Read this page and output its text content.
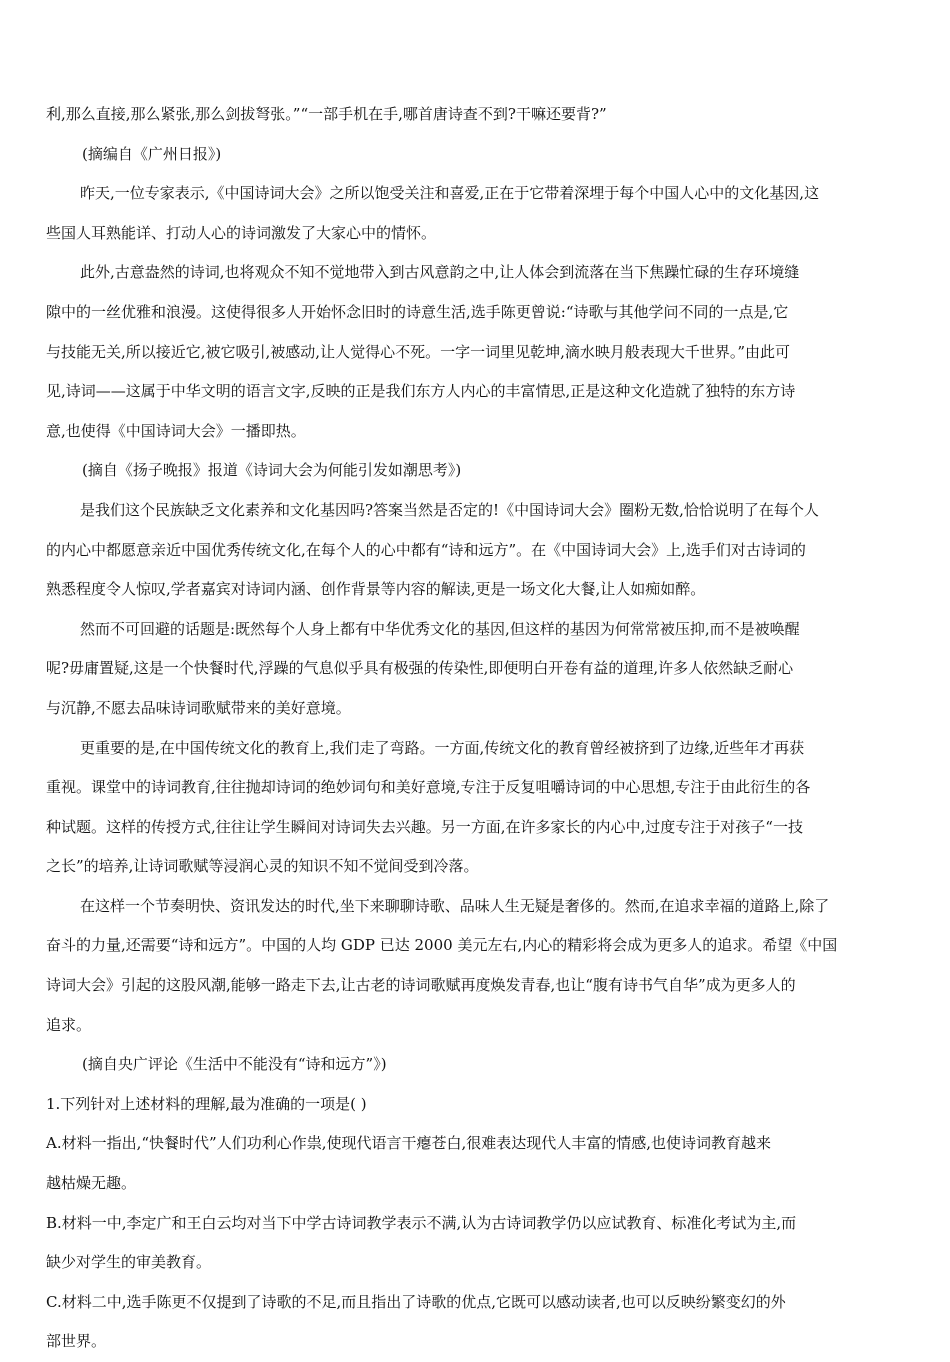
利,那么直接,那么紧张,那么剑拔弩张。”“一部手机在手,哪首唐诗查不到?干嘛还要背?”
(摘编自《广州日报》)
昨天,一位专家表示,《中国诗词大会》之所以饱受关注和喜爱,正在于它带着深埋于每个中国人心中的文化基因,这
些国人耳熟能详、打动人心的诗词激发了大家心中的情怀。
此外,古意盎然的诗词,也将观众不知不觉地带入到古风意韵之中,让人体会到流落在当下焦躁忙碌的生存环境缝
隙中的一丝优雅和浪漫。这使得很多人开始怀念旧时的诗意生活,选手陈更曾说:“诗歌与其他学问不同的一点是,它
与技能无关,所以接近它,被它吸引,被感动,让人觉得心不死。一字一词里见乾坤,滴水映月般表现大千世界。”由此可
见,诗词——这属于中华文明的语言文字,反映的正是我们东方人内心的丰富情思,正是这种文化造就了独特的东方诗
意,也使得《中国诗词大会》一播即热。
(摘自《扬子晚报》报道《诗词大会为何能引发如潮思考》)
是我们这个民族缺乏文化素养和文化基因吗?答案当然是否定的!《中国诗词大会》圈粉无数,恰恰说明了在每个人
的内心中都愿意亲近中国优秀传统文化,在每个人的心中都有“诗和远方”。在《中国诗词大会》上,选手们对古诗词的
熟悉程度令人惊叹,学者嘉宾对诗词内涵、创作背景等内容的解读,更是一场文化大餐,让人如痴如醉。
然而不可回避的话题是:既然每个人身上都有中华优秀文化的基因,但这样的基因为何常常被压抑,而不是被唤醒
呢?毋庸置疑,这是一个快餐时代,浮躁的气息似乎具有极强的传染性,即便明白开卷有益的道理,许多人依然缺乏耐心
与沉静,不愿去品味诗词歌赋带来的美好意境。
更重要的是,在中国传统文化的教育上,我们走了弯路。一方面,传统文化的教育曾经被挤到了边缘,近些年才再获
重视。课堂中的诗词教育,往往抛却诗词的绝妙词句和美好意境,专注于反复咀嚼诗词的中心思想,专注于由此衍生的各
种试题。这样的传授方式,往往让学生瞬间对诗词失去兴趣。另一方面,在许多家长的内心中,过度专注于对孩子“一技
之长”的培养,让诗词歌赋等浸润心灵的知识不知不觉间受到冷落。
在这样一个节奏明快、资讯发达的时代,坐下来聊聊诗歌、品味人生无疑是奢侈的。然而,在追求幸福的道路上,除了
奋斗的力量,还需要“诗和远方”。中国的人均 GDP 已达 2000 美元左右,内心的精彩将会成为更多人的追求。希望《中国
诗词大会》引起的这股风潮,能够一路走下去,让古老的诗词歌赋再度焕发青春,也让“腹有诗书气自华”成为更多人的
追求。
(摘自央广评论《生活中不能没有“诗和远方”》)
1.下列针对上述材料的理解,最为准确的一项是( )
A.材料一指出,“快餐时代”人们功利心作祟,使现代语言干瘪苍白,很难表达现代人丰富的情感,也使诗词教育越来
越枯燥无趣。
B.材料一中,李定广和王白云均对当下中学古诗词教学表示不满,认为古诗词教学仍以应试教育、标准化考试为主,而
缺少对学生的审美教育。
C.材料二中,选手陈更不仅提到了诗歌的不足,而且指出了诗歌的优点,它既可以感动读者,也可以反映纷繁变幻的外
部世界。
